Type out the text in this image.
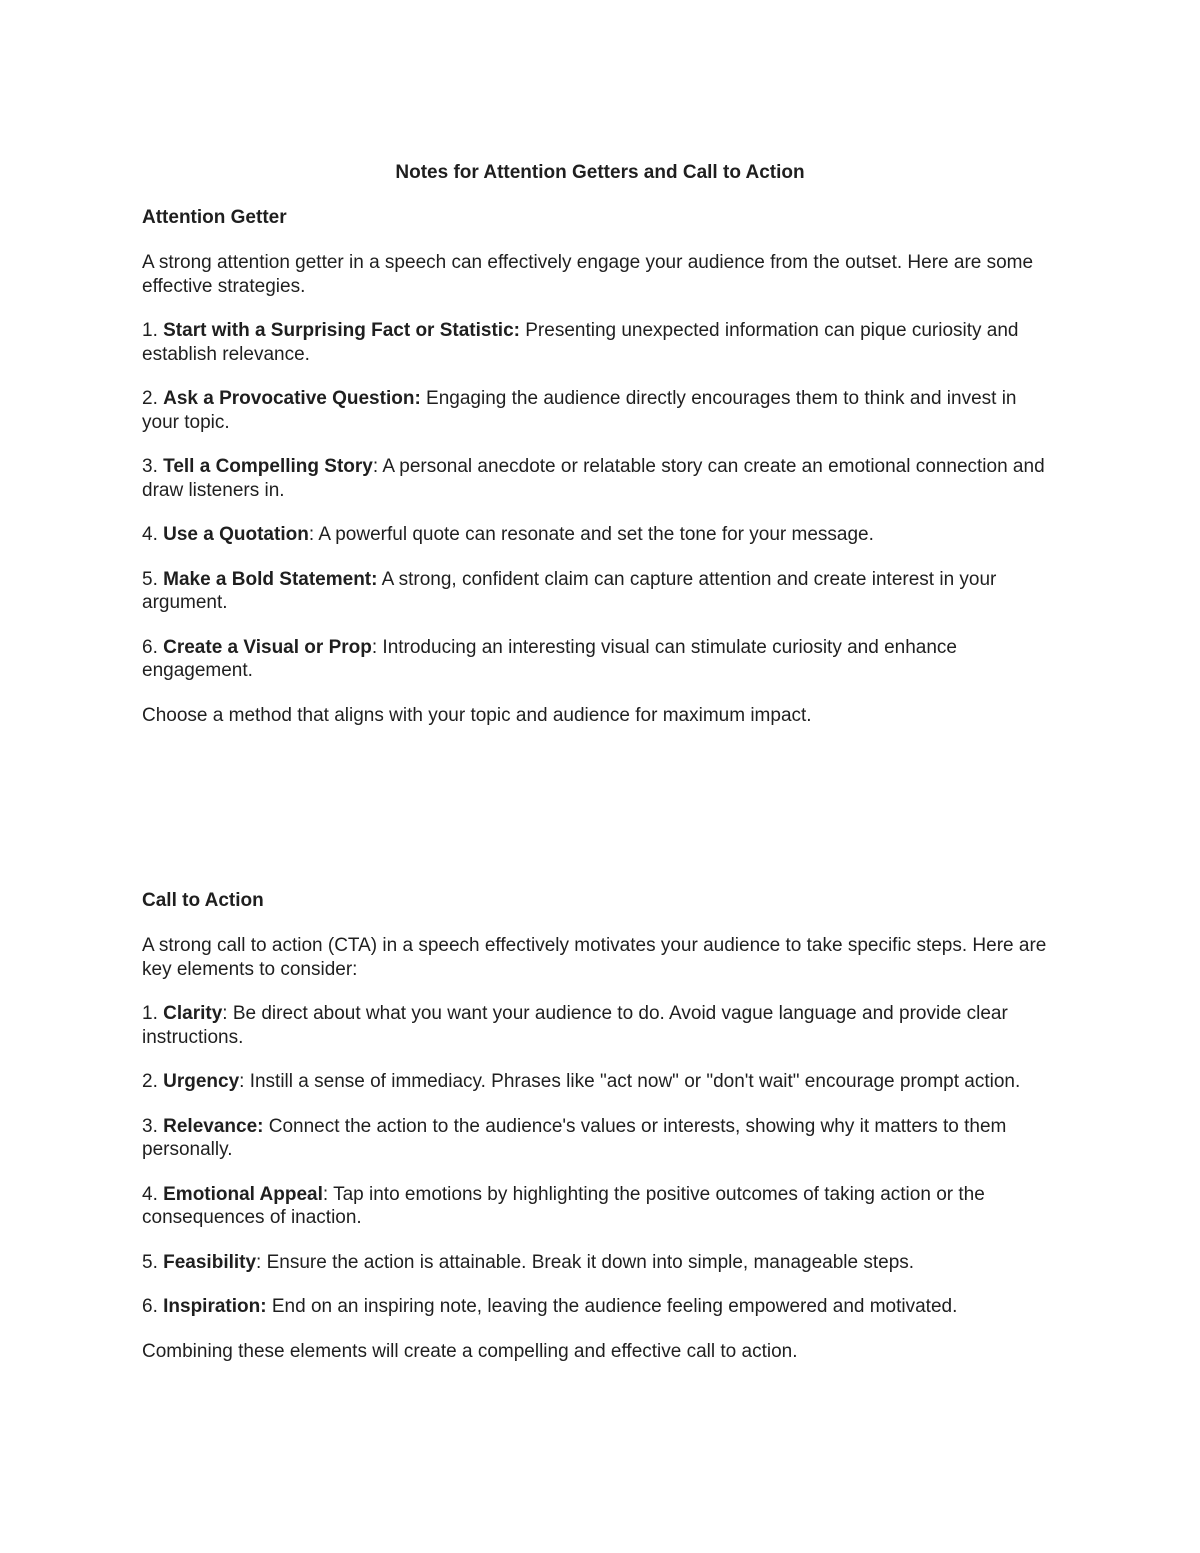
Notes for Attention Getters and Call to Action
Attention Getter

A strong attention getter in a speech can effectively engage your audience from the outset. Here are some effective strategies.

1. Start with a Surprising Fact or Statistic: Presenting unexpected information can pique curiosity and establish relevance.

2. Ask a Provocative Question: Engaging the audience directly encourages them to think and invest in your topic.

3. Tell a Compelling Story: A personal anecdote or relatable story can create an emotional connection and draw listeners in.

4. Use a Quotation: A powerful quote can resonate and set the tone for your message.

5. Make a Bold Statement: A strong, confident claim can capture attention and create interest in your argument.

6. Create a Visual or Prop: Introducing an interesting visual can stimulate curiosity and enhance engagement.

Choose a method that aligns with your topic and audience for maximum impact.

Call to Action

A strong call to action (CTA) in a speech effectively motivates your audience to take specific steps. Here are key elements to consider:

1. Clarity: Be direct about what you want your audience to do. Avoid vague language and provide clear instructions.

2. Urgency: Instill a sense of immediacy. Phrases like "act now" or "don't wait" encourage prompt action.

3. Relevance: Connect the action to the audience's values or interests, showing why it matters to them personally.

4. Emotional Appeal: Tap into emotions by highlighting the positive outcomes of taking action or the consequences of inaction.

5. Feasibility: Ensure the action is attainable. Break it down into simple, manageable steps.

6. Inspiration: End on an inspiring note, leaving the audience feeling empowered and motivated.

Combining these elements will create a compelling and effective call to action.
